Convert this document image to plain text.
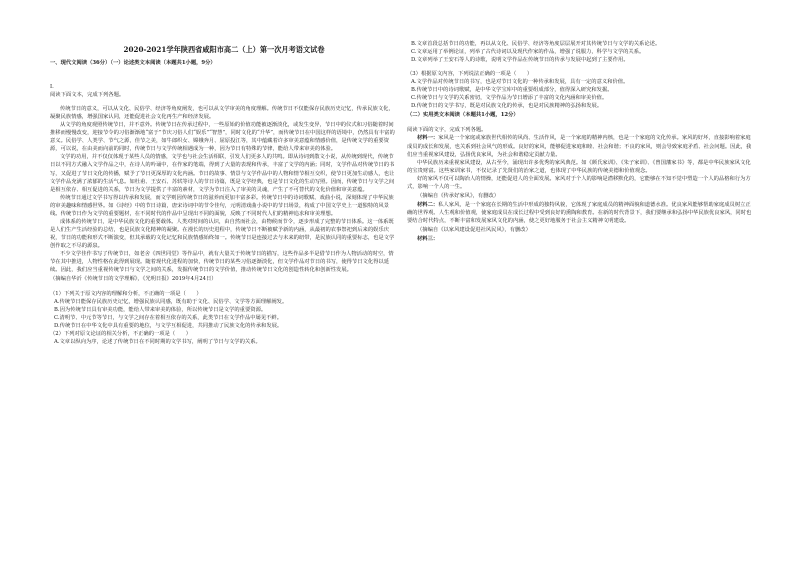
2020-2021学年陕西省咸阳市高二（上）第一次月考语文试卷
一、现代文阅读（36分）（一）论述类文本阅读（本题共1小题，9分）
I.
阅读下面文本，完成下列各题。
传统节日的意义，可以从文化、民俗学、经济等角度阐发，也可以从文学审美的角度理解。传统节日不仅能保存民族历史记忆，传承民族文化，凝聚民族情感，增强国家认同，还能促进社会文化再生产和经济发展。
从文学的角度观照传统节日，并不意外。传统节日在传承过程中，一些原始的价值功能被逐渐淡化，或发生变异，节日中的仪式和习俗随着时间推移而慢慢改变，迎接节令的习俗渐渐地“富于”节庆习俗人们“娱乐”“智慧”，同时文化的“升华”，而传统节日在中国这样的语境中，仍然具有丰富的意义。民俗学、人类学、节气之源，佳节之美，如牛郎织女、嫦娥奔月、屈原投江等，其中蕴藏着许多审美意蕴和情感价值，是传统文学的重要资源，可以说，在由美而向前的同时，传统节日与文学传统相遇成为一种，因为节日有特殊的节律，能给人带来审美的体验。
文学的功用，并不仅仅体现于某些人员的情感，文学也与社会生活相联，引发人们更多人的共鸣。即从诗词到散文小说，从传统到现代，传统节日以不同方式融入文学作品之中，在诗人的吟诵中，在作家的笔端，得到了大量的表现和传承，丰富了文学的内涵；同时，文学作品对传统节日的书写，又促进了节日文化的传播，赋予了节日更深厚的文化内涵。节日的故事、情景与文学作品中的人物和情节相互交织，使节日更加生动感人，也让文学作品充满了浓郁的生活气息。如杜甫、王安石、苏轼等诗人的节日诗篇，既是文学经典，也是节日文化的生动写照。因而，传统节日与文学之间是相互依存、相互促进的关系，节日为文学提供了丰富的素材，文学为节日注入了审美的灵魂，产生了不可替代的文化价值和审美意蕴。
传统节日通过文学书写得以传承和发展，而文学则因传统节日的滋养而更加丰富多彩。传统节日中的诗词歌赋、戏曲小说，深刻体现了中华民族的审美趣味和情感世界。如《诗经》中的节日诗篇，唐宋诗词中的节令佳句，元明清戏曲小说中的节日场景，构成了中国文学史上一道独特的风景线。传统节日作为文学的重要题材，在不同时代的作品中呈现出不同的面貌，反映了不同时代人们的精神追求和审美理想。
成体系的传统节日，是中华民族文化的重要载体。人类对时间的认识，由自然而社会，由物候而节令，逐步形成了完整的节日体系。这一体系既是人们生产生活经验的总结，也是民族文化精神的凝聚。在漫长的历史进程中，传统节日不断被赋予新的内涵，从最初的农事祭祀到后来的娱乐庆祝，节日的功能和形式不断演变，但其承载的文化记忆和民族情感始终如一。传统节日是连接过去与未来的纽带，是民族认同的重要标志，也是文学创作取之不尽的源泉。
不少文学佳作书写了传统节日，如老舍《四世同堂》等作品中，就有大量关于传统节日的描写，这些作品多半是借节日作为人物活动的时空，情节在其中推进，人物性格在此得到展现。随着现代化进程的加快，传统节日的某些习俗逐渐淡化，但文学作品对节日的书写，使得节日文化得以延续。因此，我们应当重视传统节日与文学之间的关系，发掘传统节日的文学价值，推动传统节日文化的创造性转化和创新性发展。
（摘编自华沂《传统节日的文学理解》，《光明日报》2019年4月24日）
（1）下列关于原文内容的理解和分析，不正确的一项是（　　）
A.传统节日能保存民族历史记忆，增强民族认同感，既有助于文化、民俗学、文学等方面理解阐发。
B.因为传统节日具有审美功能，能给人带来审美的体验，所以传统节日是文学的重要资源。
C.清明节、中元节等节日，与文学之间存在着相互依存的关系，此类节日在文学作品中屡见不鲜。
D.传统节日在中华文化中具有重要的地位，与文学互相促进，共同推动了民族文化的传承和发展。
（2）下列对原文论证的相关分析，不正确的一项是（　　）
A.文章以纵向为序，论述了传统节日在不同时期的文学书写，阐明了节日与文学的关系。
B.文章首段总括节日的功能，再以从文化、民俗学、经济等角度层层展开对其传统节日与文学的关系论述。
C.文章运用了举例论证，列举了古代诗词以及现代作家的作品，增强了说服力，科学与文学的关系。
D.文章列举了王安石等人的诗歌，说明文学作品在传统节日的传承与发展中起到了主要作用。
（3）根据原文内容，下列说法正确的一项是（　　）
A.文学作品对传统节日的书写，也是对节日文化的一种传承和发展，具有一定的意义和价值。
B.传统节日中的诗词歌赋，是中华文学宝库中的重要组成部分，值得深入研究和发掘。
C.传统节日与文学的关系密切，文学作品为节日增添了丰富的文化内涵和审美价值。
D.传统节日的文学书写，既是对民族文化的传承，也是对民族精神的弘扬和发展。
（二）实用类文本阅读（本题共1小题，12分）
阅读下面的文字，完成下列各题。
材料一：家风是一个家庭或家族世代相传的风尚、生活作风，是一个家庭的精神内核，也是一个家庭的文化传承。家风的好坏，直接影响着家庭成员的成长和发展，也关系到社会风气的形成。良好的家风，能够促进家庭和睦、社会和谐；不良的家风，则会导致家庭矛盾、社会问题。因此，我们应当重视家风建设，弘扬优良家风，为社会和谐稳定贡献力量。
中华民族历来重视家风建设，从古至今，涌现出许多优秀的家风典范。如《颜氏家训》、《朱子家训》、《曾国藩家书》等，都是中华民族家风文化的宝贵财富。这些家训家书，不仅记录了先贤们的治家之道，也体现了中华民族的传统美德和价值观念。
好的家风不仅可以陶冶人的情操，还能促进人的全面发展。家风对于个人的影响是潜移默化的，它能够在不知不觉中塑造一个人的品格和行为方式，影响一个人的一生。
（摘编自《传承好家风》，有删改）
材料二：私人家风，是一个家庭在长期的生活中形成的独特风貌，它体现了家庭成员的精神面貌和道德水准。优良家风能够帮助家庭成员树立正确的世界观、人生观和价值观，使家庭成员在成长过程中受到良好的熏陶和教育。在新的时代背景下，我们要继承和弘扬中华民族优良家风，同时也要结合时代特点，不断丰富和发展家风文化的内涵，使之更好地服务于社会主义精神文明建设。
（摘编自《以家风建设促进社风民风》，有删改）
材料三：
